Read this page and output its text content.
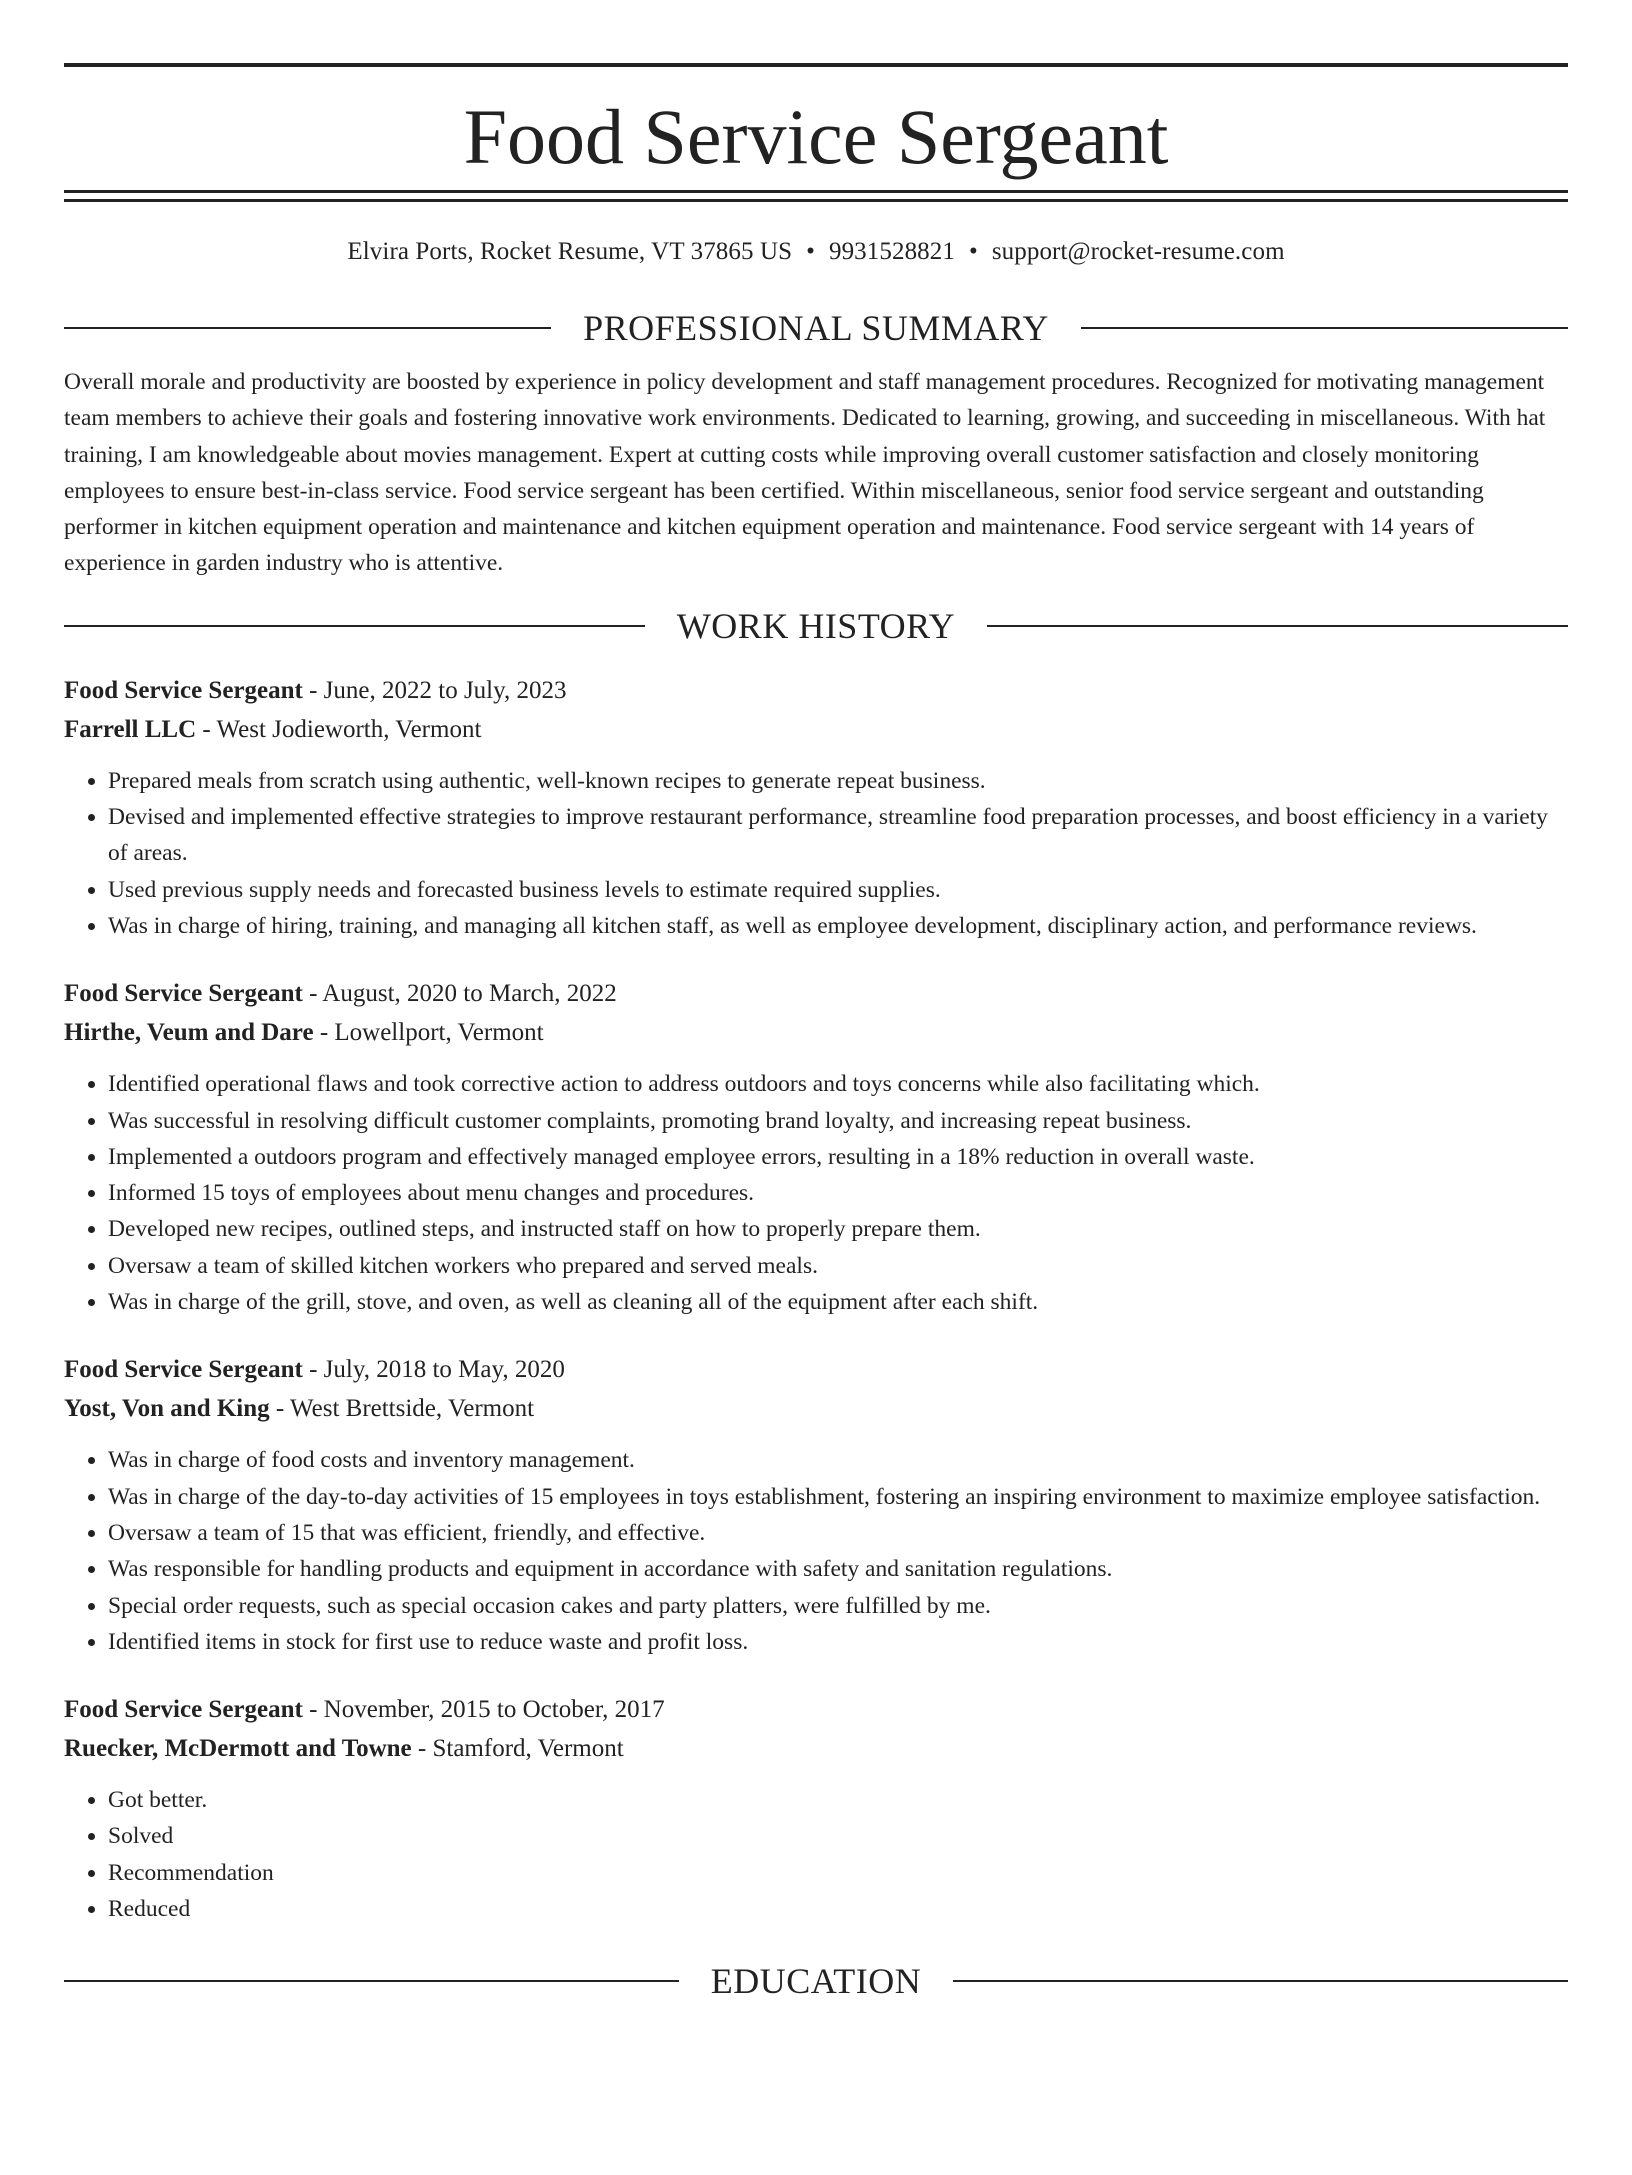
Food Service Sergeant
Elvira Ports, Rocket Resume, VT 37865 US • 9931528821 • support@rocket-resume.com
PROFESSIONAL SUMMARY

Overall morale and productivity are boosted by experience in policy development and staff management procedures. Recognized for motivating management team members to achieve their goals and fostering innovative work environments. Dedicated to learning, growing, and succeeding in miscellaneous. With hat training, I am knowledgeable about movies management. Expert at cutting costs while improving overall customer satisfaction and closely monitoring employees to ensure best-in-class service. Food service sergeant has been certified. Within miscellaneous, senior food service sergeant and outstanding performer in kitchen equipment operation and maintenance and kitchen equipment operation and maintenance. Food service sergeant with 14 years of experience in garden industry who is attentive.

WORK HISTORY
Food Service Sergeant - June, 2022 to July, 2023
Farrell LLC - West Jodieworth, Vermont
• Prepared meals from scratch using authentic, well-known recipes to generate repeat business.
• Devised and implemented effective strategies to improve restaurant performance, streamline food preparation processes, and boost efficiency in a variety of areas.
• Used previous supply needs and forecasted business levels to estimate required supplies.
• Was in charge of hiring, training, and managing all kitchen staff, as well as employee development, disciplinary action, and performance reviews.
Food Service Sergeant - August, 2020 to March, 2022
Hirthe, Veum and Dare - Lowellport, Vermont
• Identified operational flaws and took corrective action to address outdoors and toys concerns while also facilitating which.
• Was successful in resolving difficult customer complaints, promoting brand loyalty, and increasing repeat business.
• Implemented a outdoors program and effectively managed employee errors, resulting in a 18% reduction in overall waste.
• Informed 15 toys of employees about menu changes and procedures.
• Developed new recipes, outlined steps, and instructed staff on how to properly prepare them.
• Oversaw a team of skilled kitchen workers who prepared and served meals.
• Was in charge of the grill, stove, and oven, as well as cleaning all of the equipment after each shift.
Food Service Sergeant - July, 2018 to May, 2020
Yost, Von and King - West Brettside, Vermont
• Was in charge of food costs and inventory management.
• Was in charge of the day-to-day activities of 15 employees in toys establishment, fostering an inspiring environment to maximize employee satisfaction.
• Oversaw a team of 15 that was efficient, friendly, and effective.
• Was responsible for handling products and equipment in accordance with safety and sanitation regulations.
• Special order requests, such as special occasion cakes and party platters, were fulfilled by me.
• Identified items in stock for first use to reduce waste and profit loss.
Food Service Sergeant - November, 2015 to October, 2017
Ruecker, McDermott and Towne - Stamford, Vermont
• Got better.
• Solved
• Recommendation
• Reduced
EDUCATION
